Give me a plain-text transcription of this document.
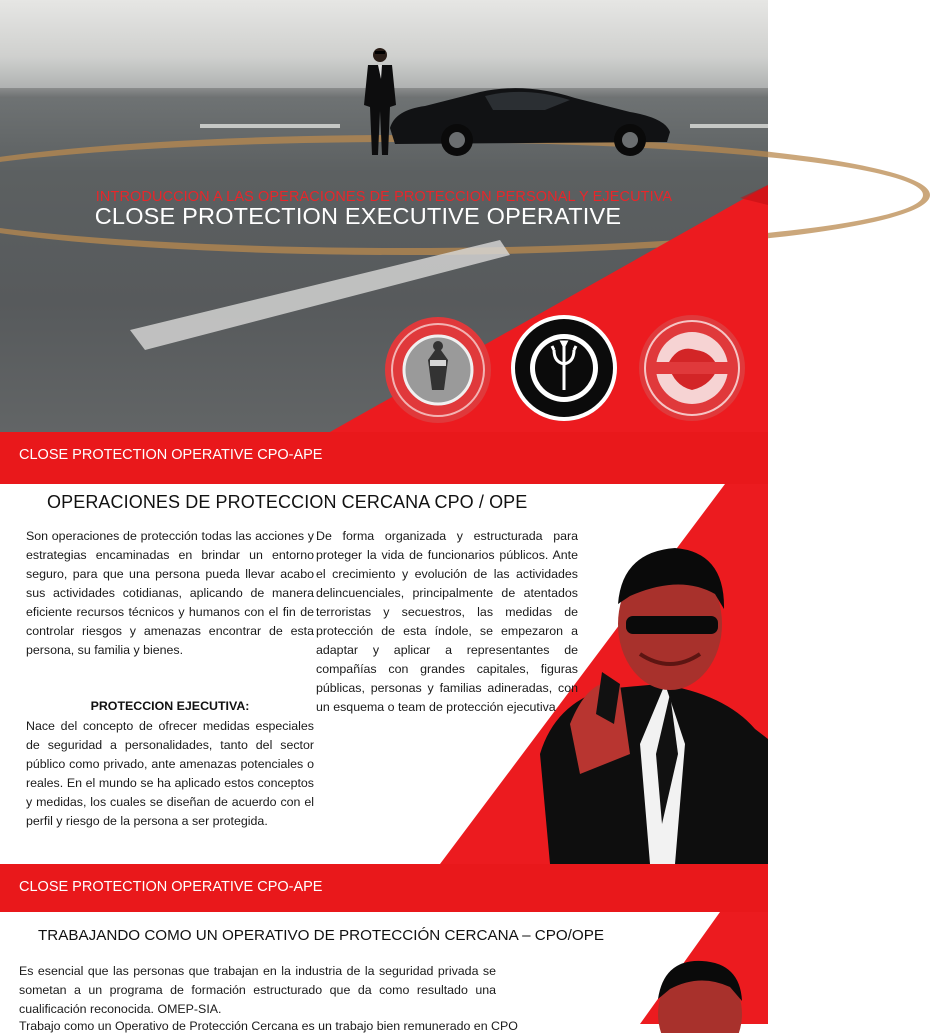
INTRODUCCION A LAS OPERACIONES DE PROTECCION PERSONAL Y EJECUTIVA
CLOSE PROTECTION EXECUTIVE OPERATIVE
CLOSE PROTECTION OPERATIVE CPO-APE
OPERACIONES DE PROTECCION CERCANA CPO / OPE

Son operaciones de protección todas las acciones y estrategias encaminadas en brindar un entorno seguro, para que una persona pueda llevar acabo sus actividades cotidianas, aplicando de manera eficiente recursos técnicos y humanos con el fin de controlar riesgos y amenazas encontrar de esta persona, su familia y bienes.

De forma organizada y estructurada para proteger la vida de funcionarios públicos. Ante el crecimiento y evolución de las actividades delincuenciales, principalmente de atentados terroristas y secuestros, las medidas de protección de esta índole, se empezaron a adaptar y aplicar a representantes de compañías con grandes capitales, figuras públicas, personas y familias adineradas, con un esquema o team de protección ejecutiva

PROTECCION EJECUTIVA:

Nace del concepto de ofrecer medidas especiales de seguridad a personalidades, tanto del sector público como privado, ante amenazas potenciales o reales. En el mundo se ha aplicado estos conceptos y medidas, los cuales se diseñan de acuerdo con el perfil y riesgo de la persona a ser protegida.

CLOSE PROTECTION OPERATIVE CPO-APE
TRABAJANDO COMO UN OPERATIVO DE PROTECCIÓN CERCANA – CPO/OPE

Es esencial que las personas que trabajan en la industria de la seguridad privada se sometan a un programa de formación estructurado que da como resultado una cualificación reconocida. OMEP-SIA.

Trabajo como un Operativo de Protección Cercana es un trabajo bien remunerado en CPO
